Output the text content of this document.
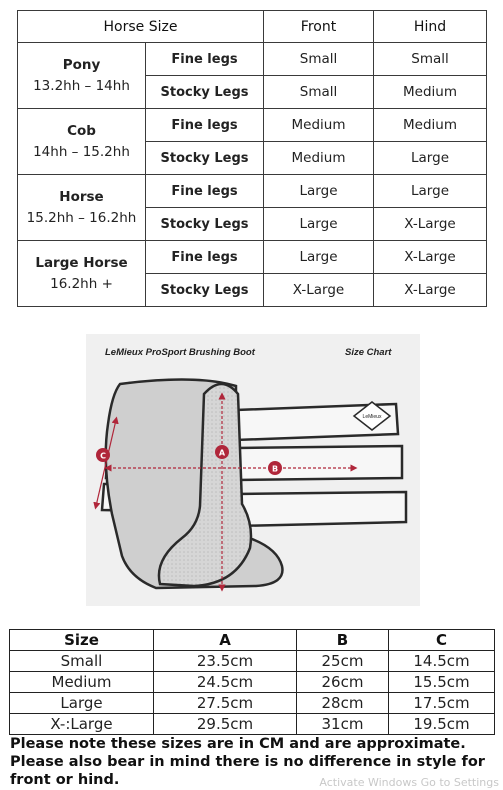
Horse Size		Front	Hind
Pony
13.2hh – 14hh	Fine legs	Small	Small
	Stocky Legs	Small	Medium
Cob
14hh – 15.2hh	Fine legs	Medium	Medium
	Stocky Legs	Medium	Large
Horse
15.2hh – 16.2hh	Fine legs	Large	Large
	Stocky Legs	Large	X-Large
Large Horse
16.2hh +	Fine legs	Large	X-Large
	Stocky Legs	X-Large	X-Large
LeMieux
A
B
C
LeMieux ProSport Brushing Boot	Size Chart
Size	A	B	C
Small	23.5cm	25cm	14.5cm
Medium	24.5cm	26cm	15.5cm
Large	27.5cm	28cm	17.5cm
X-:Large	29.5cm	31cm	19.5cm

Please note these sizes are in CM and are approximate. Please also bear in mind there is no difference in style for front or hind.	Activate Windows Go to Settings
